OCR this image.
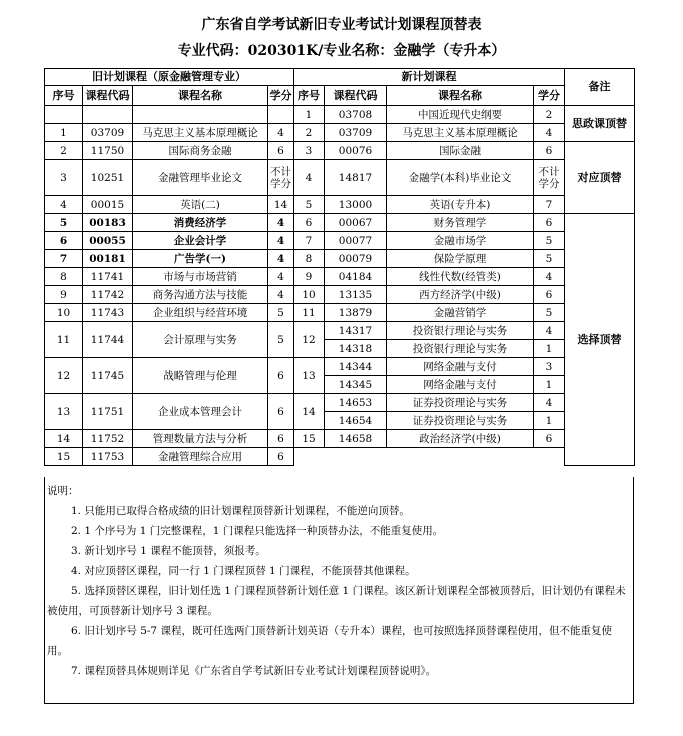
广东省自学考试新旧专业考试计划课程顶替表
专业代码：020301K/专业名称：金融学（专升本）
旧计划课程（原金融管理专业）				新计划课程				备注
序号	课程代码	课程名称	学分	序号	课程代码	课程名称	学分	
				1	03708	中国近现代史纲要	2	思政课顶替
1	03709	马克思主义基本原理概论	4	2	03709	马克思主义基本原理概论	4	
2	11750	国际商务金融	6	3	00076	国际金融	6	对应顶替
3	10251	金融管理毕业论文	不计学分	4	14817	金融学(本科)毕业论文	不计学分	
4	00015	英语(二)	14	5	13000	英语(专升本)	7	
5	00183	消费经济学	4	6	00067	财务管理学	6	选择顶替
6	00055	企业会计学	4	7	00077	金融市场学	5	
7	00181	广告学(一)	4	8	00079	保险学原理	5	
8	11741	市场与市场营销	4	9	04184	线性代数(经管类)	4	
9	11742	商务沟通方法与技能	4	10	13135	西方经济学(中级)	6	
10	11743	企业组织与经营环境	5	11	13879	金融营销学	5	
11	11744	会计原理与实务	5	12	14317	投资银行理论与实务	4	
					14318	投资银行理论与实务	1	
12	11745	战略管理与伦理	6	13	14344	网络金融与支付	3	
					14345	网络金融与支付	1	
13	11751	企业成本管理会计	6	14	14653	证券投资理论与实务	4	
					14654	证券投资理论与实务	1	
14	11752	管理数量方法与分析	6	15	14658	政治经济学(中级)	6	
15	11753	金融管理综合应用	6					

说明：

1. 只能用已取得合格成绩的旧计划课程顶替新计划课程，不能逆向顶替。

2. 1 个序号为 1 门完整课程，1 门课程只能选择一种顶替办法，不能重复使用。

3. 新计划序号 1 课程不能顶替，须报考。

4. 对应顶替区课程，同一行 1 门课程顶替 1 门课程，不能顶替其他课程。

5. 选择顶替区课程，旧计划任选 1 门课程顶替新计划任意 1 门课程。该区新计划课程全部被顶替后，旧计划仍有课程未被使用，可顶替新计划序号 3 课程。

6. 旧计划序号 5-7 课程，既可任选两门顶替新计划英语（专升本）课程，也可按照选择顶替课程使用，但不能重复使用。

7. 课程顶替具体规则详见《广东省自学考试新旧专业考试计划课程顶替说明》。
